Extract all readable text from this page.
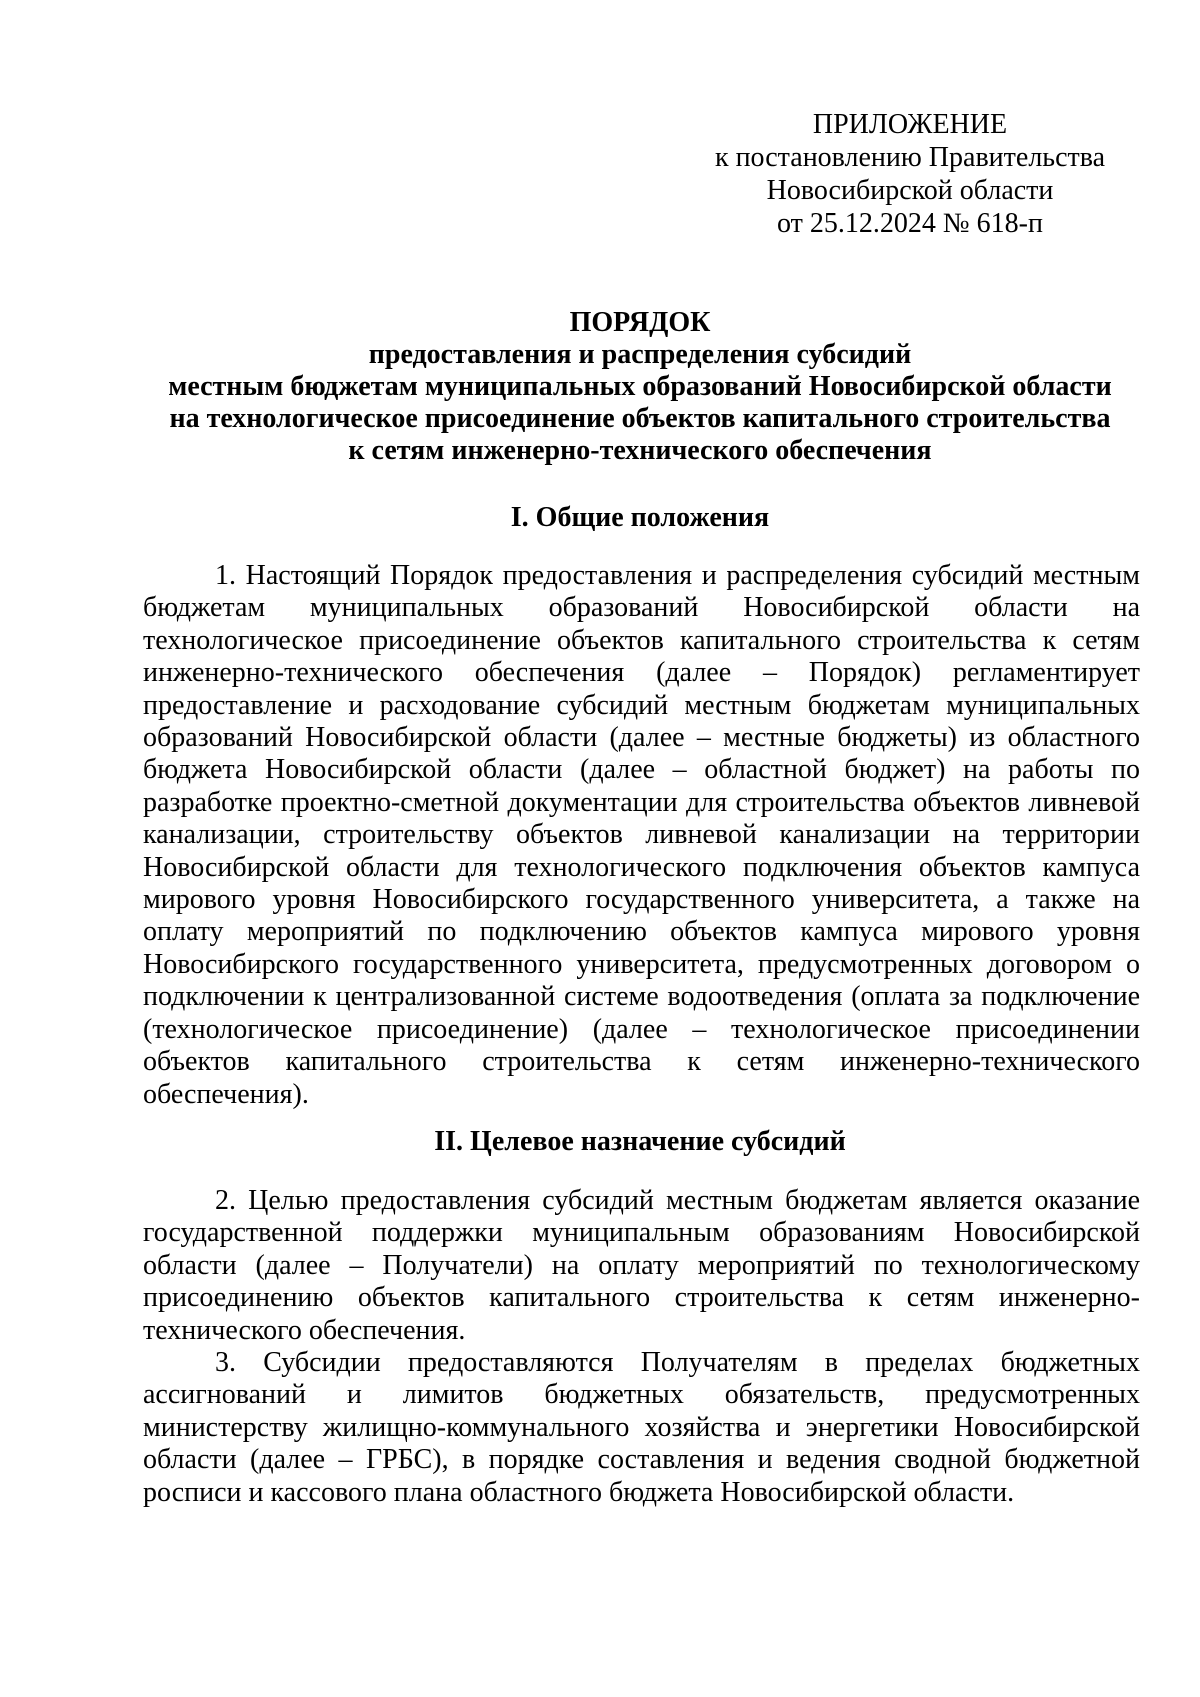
ПРИЛОЖЕНИЕ
к постановлению Правительства
Новосибирской области
от 25.12.2024 № 618-п
ПОРЯДОК
предоставления и распределения субсидий
местным бюджетам муниципальных образований Новосибирской области
на технологическое присоединение объектов капитального строительства
к сетям инженерно-технического обеспечения
I. Общие положения

1. Настоящий Порядок предоставления и распределения субсидий местным бюджетам муниципальных образований Новосибирской области на технологическое присоединение объектов капитального строительства к сетям инженерно-технического обеспечения (далее – Порядок) регламентирует предоставление и расходование субсидий местным бюджетам муниципальных образований Новосибирской области (далее – местные бюджеты) из областного бюджета Новосибирской области (далее – областной бюджет) на работы по разработке проектно-сметной документации для строительства объектов ливневой канализации, строительству объектов ливневой канализации на территории Новосибирской области для технологического подключения объектов кампуса мирового уровня Новосибирского государственного университета, а также на оплату мероприятий по подключению объектов кампуса мирового уровня Новосибирского государственного университета, предусмотренных договором о подключении к централизованной системе водоотведения (оплата за подключение (технологическое присоединение) (далее – технологическое присоединении объектов капитального строительства к сетям инженерно-технического обеспечения).

II. Целевое назначение субсидий

2. Целью предоставления субсидий местным бюджетам является оказание государственной поддержки муниципальным образованиям Новосибирской области (далее – Получатели) на оплату мероприятий по технологическому присоединению объектов капитального строительства к сетям инженерно-технического обеспечения.

3. Субсидии предоставляются Получателям в пределах бюджетных ассигнований и лимитов бюджетных обязательств, предусмотренных министерству жилищно-коммунального хозяйства и энергетики Новосибирской области (далее – ГРБС), в порядке составления и ведения сводной бюджетной росписи и кассового плана областного бюджета Новосибирской области.
